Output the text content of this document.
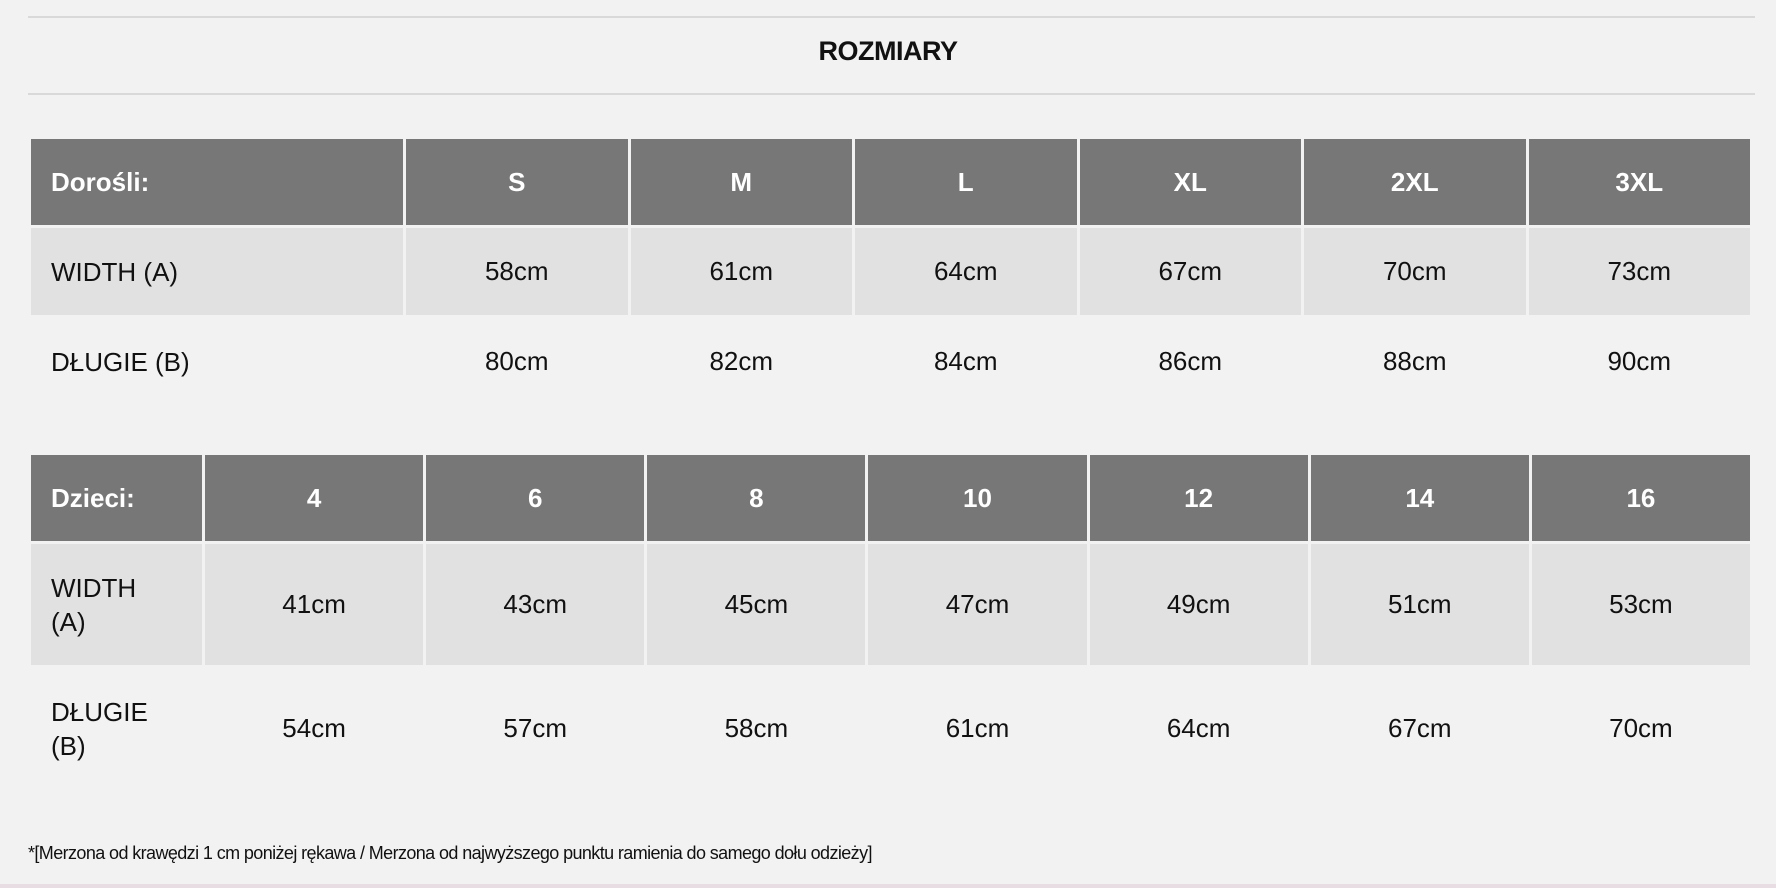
ROZMIARY
Dorośli:	S	M	L	XL	2XL	3XL
WIDTH (A)	58cm	61cm	64cm	67cm	70cm	73cm
DŁUGIE (B)	80cm	82cm	84cm	86cm	88cm	90cm
Dzieci:	4	6	8	10	12	14	16
WIDTH
(A)	41cm	43cm	45cm	47cm	49cm	51cm	53cm
DŁUGIE
(B)	54cm	57cm	58cm	61cm	64cm	67cm	70cm
*[Merzona od krawędzi 1 cm poniżej rękawa / Merzona od najwyższego punktu ramienia do samego dołu odzieży]
